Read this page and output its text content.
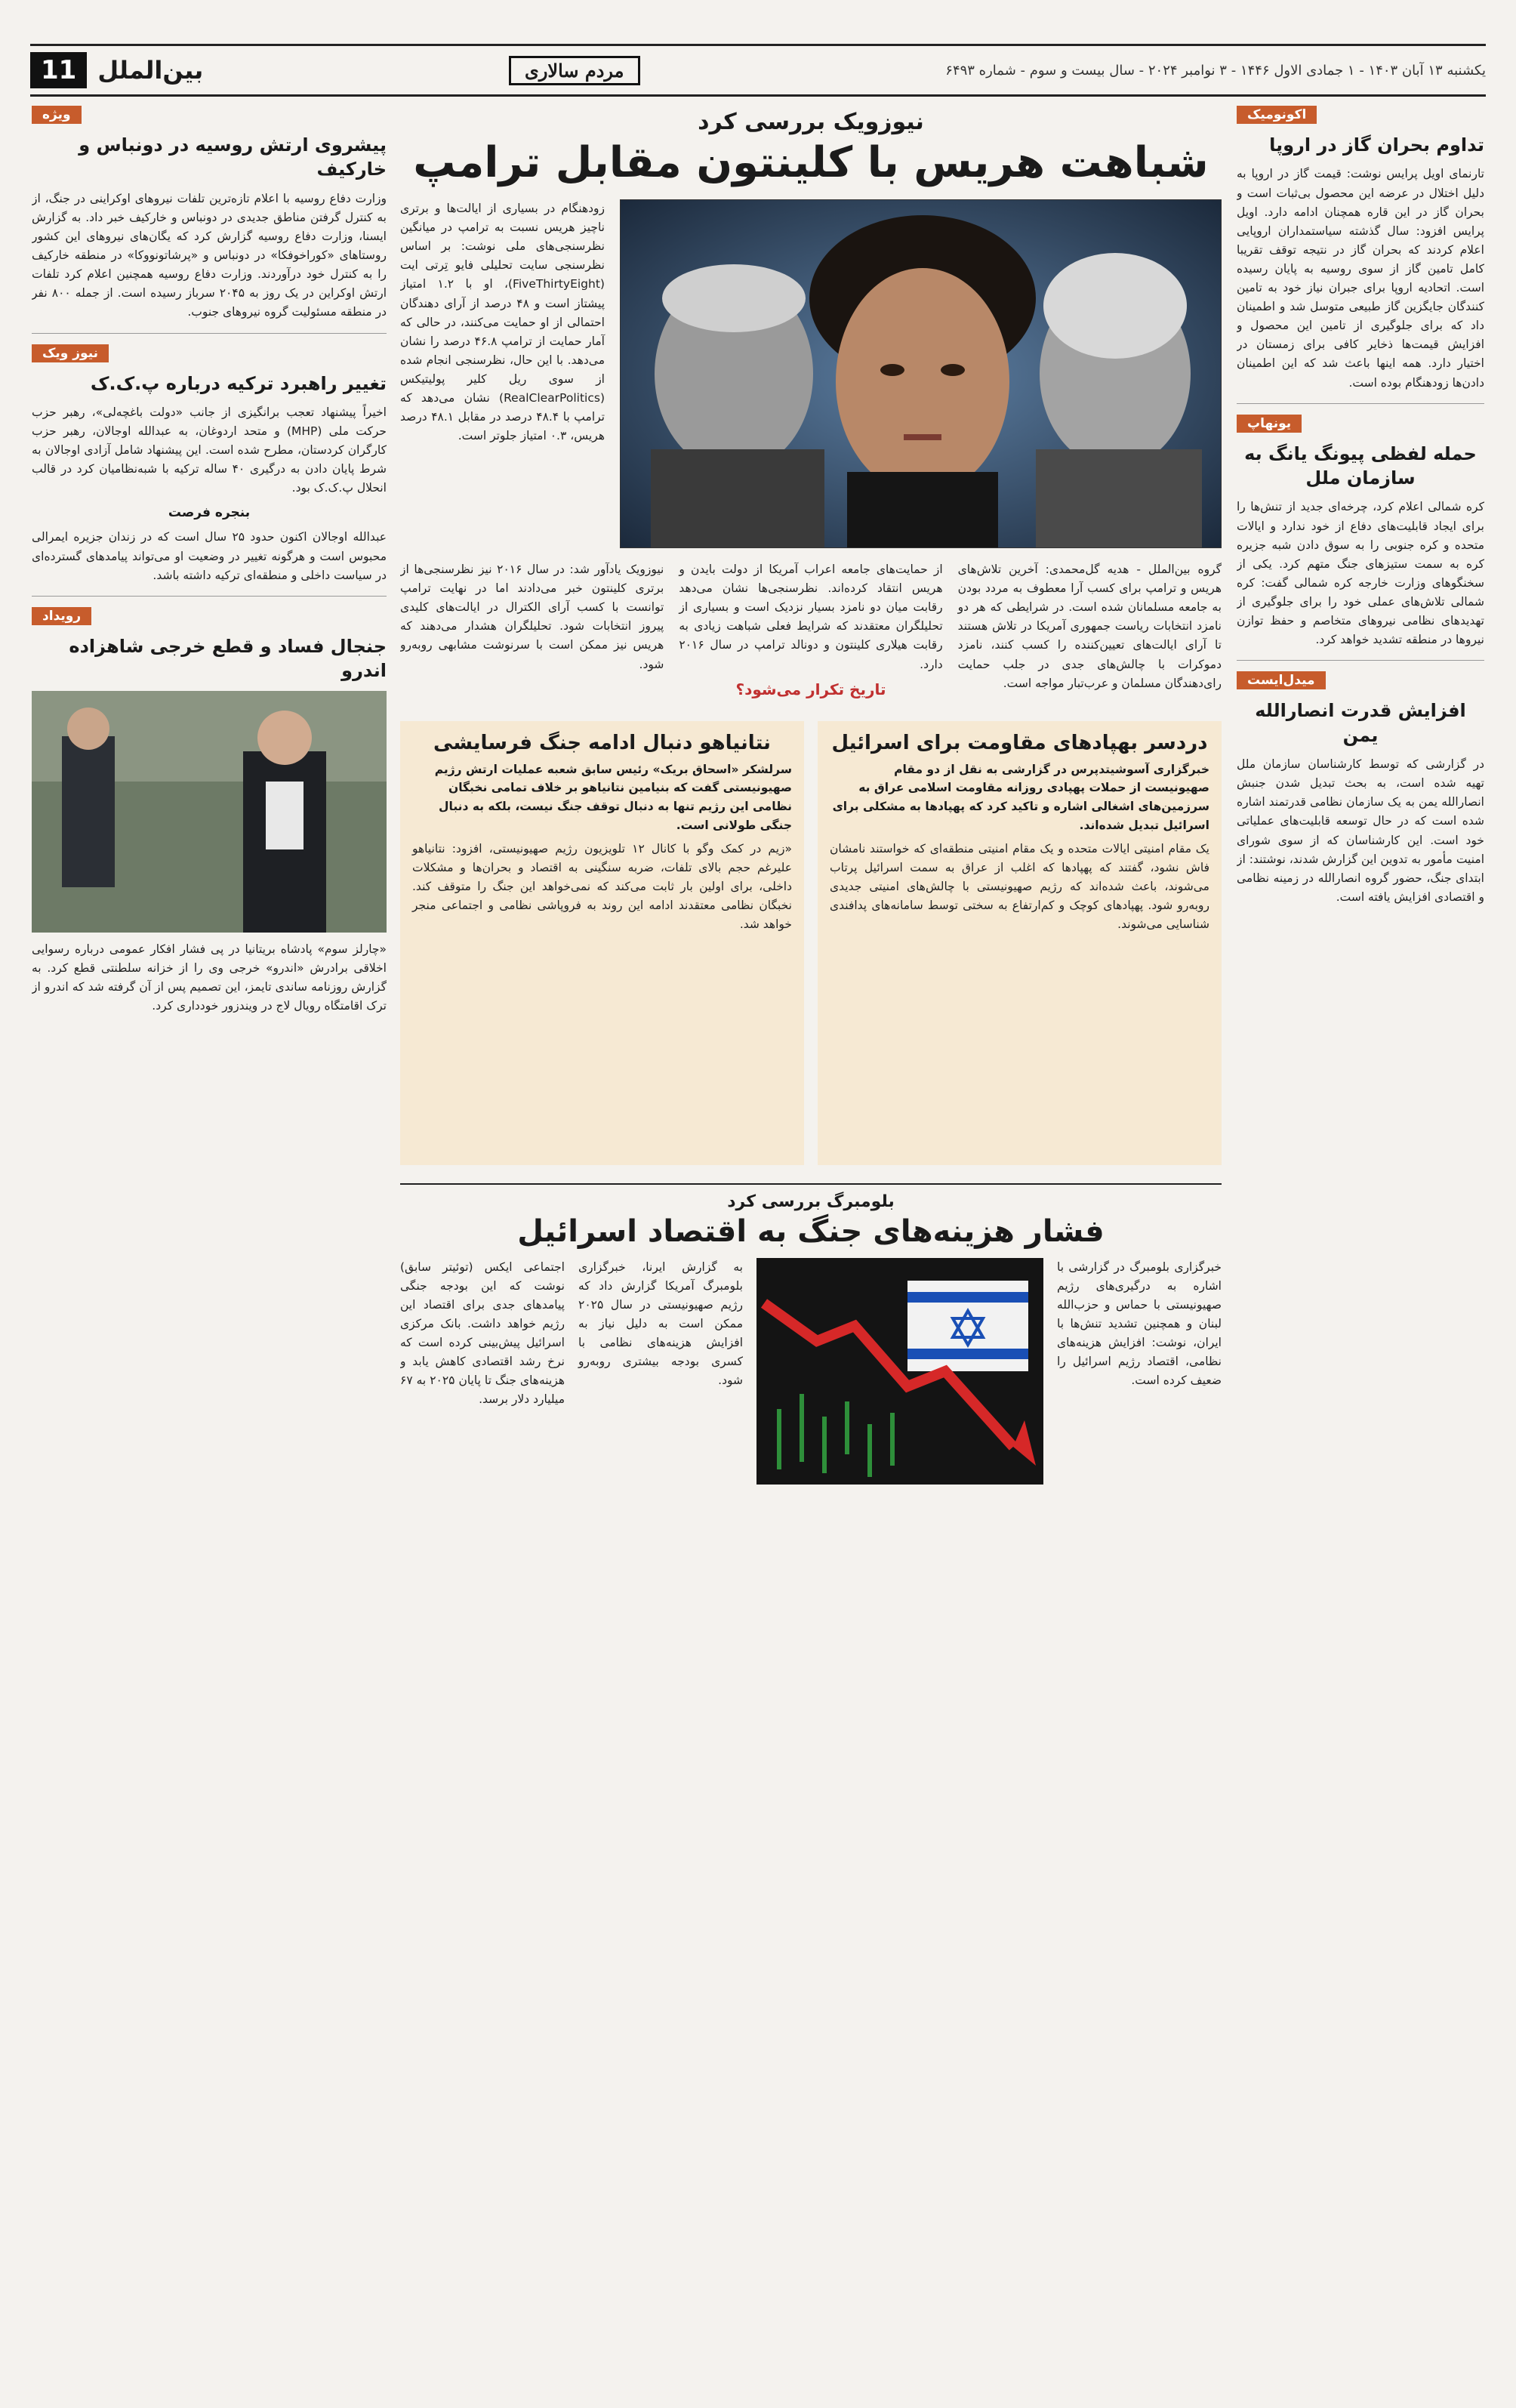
11 بین‌الملل	مردم سالاری	یکشنبه ۱۳ آبان ۱۴۰۳ - ۱ جمادی الاول ۱۴۴۶ - ۳ نوامبر ۲۰۲۴ - سال بیست و سوم - شماره ۶۴۹۳
اکونومیک
تداوم بحران گاز در اروپا
تارنمای اویل پرایس نوشت: قیمت گاز در اروپا به دلیل اختلال در عرضه این محصول بی‌ثبات است و بحران گاز در این قاره همچنان ادامه دارد. اویل پرایس افزود: سال گذشته سیاستمداران اروپایی اعلام کردند که بحران گاز در نتیجه توقف تقریبا کامل تامین گاز از سوی روسیه به پایان رسیده است. اتحادیه اروپا برای جبران نیاز خود به تامین کنندگان جایگزین گاز طبیعی متوسل شد و اطمینان داد که برای جلوگیری از تامین این محصول و افزایش قیمت‌ها ذخایر کافی برای زمستان در اختیار دارد. همه اینها باعث شد که این اطمینان دادن‌ها زودهنگام بوده است.
یونهاپ
حمله لفظی پیونگ یانگ به سازمان ملل
کره شمالی اعلام کرد، چرخه‌ای جدید از تنش‌ها را برای ایجاد قابلیت‌های دفاع از خود ندارد و ایالات متحده و کره جنوبی را به سوق دادن شبه جزیره کره به سمت ستیزهای جنگ متهم کرد. یکی از سخنگوهای وزارت خارجه کره شمالی گفت: کره شمالی تلاش‌های عملی خود را برای جلوگیری از تهدیدهای نظامی نیروهای متخاصم و حفظ توازن نیروها در منطقه تشدید خواهد کرد.
میدل‌ایست
افزایش قدرت انصارالله یمن
در گزارشی که توسط کارشناسان سازمان ملل تهیه شده است، به بحث تبدیل شدن جنبش انصارالله یمن به یک سازمان نظامی قدرتمند اشاره شده است که در حال توسعه قابلیت‌های عملیاتی خود است. این کارشناسان که از سوی شورای امنیت مأمور به تدوین این گزارش شدند، نوشتند: از ابتدای جنگ، حضور گروه انصارالله در زمینه نظامی و اقتصادی افزایش یافته است.
ویژه
پیشروی ارتش روسیه در دونباس و خارکیف
وزارت دفاع روسیه با اعلام تازه‌ترین تلفات نیروهای اوکراینی در جنگ، از به کنترل گرفتن مناطق جدیدی در دونباس و خارکیف خبر داد. به گزارش ایسنا، وزارت دفاع روسیه گزارش کرد که یگان‌های نیروهای این کشور روستاهای «کوراخوفکا» در دونباس و «پرشاتونووکا» در منطقه خارکیف را به کنترل خود درآوردند. وزارت دفاع روسیه همچنین اعلام کرد تلفات ارتش اوکراین در یک روز به ۲۰۴۵ سرباز رسیده است. از جمله ۸۰۰ نفر در منطقه مسئولیت گروه نیروهای جنوب.
نیوز ویک
تغییر راهبرد ترکیه درباره پ.ک.ک
اخیراً پیشنهاد تعجب برانگیزی از جانب «دولت باغچه‌لی»، رهبر حزب حرکت ملی (MHP) و متحد اردوغان، به عبدالله اوجالان، رهبر حزب کارگران کردستان، مطرح شده است. این پیشنهاد شامل آزادی اوجالان به شرط پایان دادن به درگیری ۴۰ ساله ترکیه با شبه‌نظامیان کرد در قالب انحلال پ.ک.ک بود.
بنجره فرصت
عبدالله اوجالان اکنون حدود ۲۵ سال است که در زندان جزیره ایمرالی محبوس است و هرگونه تغییر در وضعیت او می‌تواند پیامدهای گسترده‌ای در سیاست داخلی و منطقه‌ای ترکیه داشته باشد.
رویداد
جنجال فساد و قطع خرجی شاهزاده اندرو
«چارلز سوم» پادشاه بریتانیا در پی فشار افکار عمومی درباره رسوایی اخلاقی برادرش «اندرو» خرجی وی را از خزانه سلطنتی قطع کرد. به گزارش روزنامه ساندی تایمز، این تصمیم پس از آن گرفته شد که اندرو از ترک اقامتگاه رویال لاج در ویندزور خودداری کرد.
نیوزویک بررسی کرد
شباهت هریس با کلینتون مقابل ترامپ
زودهنگام در بسیاری از ایالت‌ها و برتری ناچیز هریس نسبت به ترامپ در میانگین نظرسنجی‌های ملی نوشت: بر اساس نظرسنجی سایت تحلیلی فایو تِرتی ایت (FiveThirtyEight)، او با ۱.۲ امتیاز پیشتاز است و ۴۸ درصد از آرای دهندگان احتمالی از او حمایت می‌کنند، در حالی که آمار حمایت از ترامپ ۴۶.۸ درصد را نشان می‌دهد. با این حال، نظرسنجی انجام شده از سوی ریل کلیر پولیتیکس (RealClearPolitics) نشان می‌دهد که ترامپ با ۴۸.۴ درصد در مقابل ۴۸.۱ درصد هریس، ۰.۳ امتیاز جلوتر است.
گروه بین‌الملل - هدیه گل‌محمدی: آخرین تلاش‌های هریس و ترامپ برای کسب آرا معطوف به مردد بودن به جامعه مسلمانان شده است. در شرایطی که هر دو نامزد انتخابات ریاست جمهوری آمریکا در تلاش هستند تا آرای ایالت‌های تعیین‌کننده را کسب کنند، نامزد دموکرات با چالش‌های جدی در جلب حمایت رای‌دهندگان مسلمان و عرب‌تبار مواجه است.
از حمایت‌های جامعه اعراب آمریکا از دولت بایدن و هریس انتقاد کرده‌اند. نظرسنجی‌ها نشان می‌دهد رقابت میان دو نامزد بسیار نزدیک است و بسیاری از تحلیلگران معتقدند که شرایط فعلی شباهت زیادی به رقابت هیلاری کلینتون و دونالد ترامپ در سال ۲۰۱۶ دارد.
تاریخ تکرار می‌شود؟
نیوزویک یادآور شد: در سال ۲۰۱۶ نیز نظرسنجی‌ها از برتری کلینتون خبر می‌دادند اما در نهایت ترامپ توانست با کسب آرای الکترال در ایالت‌های کلیدی پیروز انتخابات شود. تحلیلگران هشدار می‌دهند که هریس نیز ممکن است با سرنوشت مشابهی روبه‌رو شود.
دردسر بهپادهای مقاومت برای اسرائیل
خبرگزاری آسوشیتدپرس در گزارشی به نقل از دو مقام صهیونیست از حملات پهپادی روزانه مقاومت اسلامی عراق به سرزمین‌های اشغالی اشاره و تاکید کرد که پهپادها به مشکلی برای اسرائیل تبدیل شده‌اند.
یک مقام امنیتی ایالات متحده و یک مقام امنیتی منطقه‌ای که خواستند نامشان فاش نشود، گفتند که پهپادها که اغلب از عراق به سمت اسرائیل پرتاب می‌شوند، باعث شده‌اند که رژیم صهیونیستی با چالش‌های امنیتی جدیدی روبه‌رو شود. پهپادهای کوچک و کم‌ارتفاع به سختی توسط سامانه‌های پدافندی شناسایی می‌شوند.
نتانیاهو دنبال ادامه جنگ فرسایشی
سرلشکر «اسحاق بریک» رئیس سابق شعبه عملیات ارتش رژیم صهیونیستی گفت که بنیامین نتانیاهو بر خلاف تمامی نخبگان نظامی این رژیم تنها به دنبال توقف جنگ نیست، بلکه به دنبال جنگی طولانی است.
«زیم در کمک وگو با کانال ۱۲ تلویزیون رژیم صهیونیستی، افزود: نتانیاهو علیرغم حجم بالای تلفات، ضربه سنگینی به اقتصاد و بحران‌ها و مشکلات داخلی، برای اولین بار ثابت می‌کند که نمی‌خواهد این جنگ را متوقف کند. نخبگان نظامی معتقدند ادامه این روند به فروپاشی نظامی و اجتماعی منجر خواهد شد.
بلومبرگ بررسی کرد
فشار هزینه‌های جنگ به اقتصاد اسرائیل
خبرگزاری بلومبرگ در گزارشی با اشاره به درگیری‌های رژیم صهیونیستی با حماس و حزب‌الله لبنان و همچنین تشدید تنش‌ها با ایران، نوشت: افزایش هزینه‌های نظامی، اقتصاد رژیم اسرائیل را ضعیف کرده است.
به گزارش ایرنا، خبرگزاری بلومبرگ آمریکا گزارش داد که رژیم صهیونیستی در سال ۲۰۲۵ ممکن است به دلیل نیاز به افزایش هزینه‌های نظامی با کسری بودجه بیشتری روبه‌رو شود.
اجتماعی ایکس (توئیتر سابق) نوشت که این بودجه جنگی پیامدهای جدی برای اقتصاد این رژیم خواهد داشت. بانک مرکزی اسرائیل پیش‌بینی کرده است که نرخ رشد اقتصادی کاهش یابد و هزینه‌های جنگ تا پایان ۲۰۲۵ به ۶۷ میلیارد دلار برسد.
